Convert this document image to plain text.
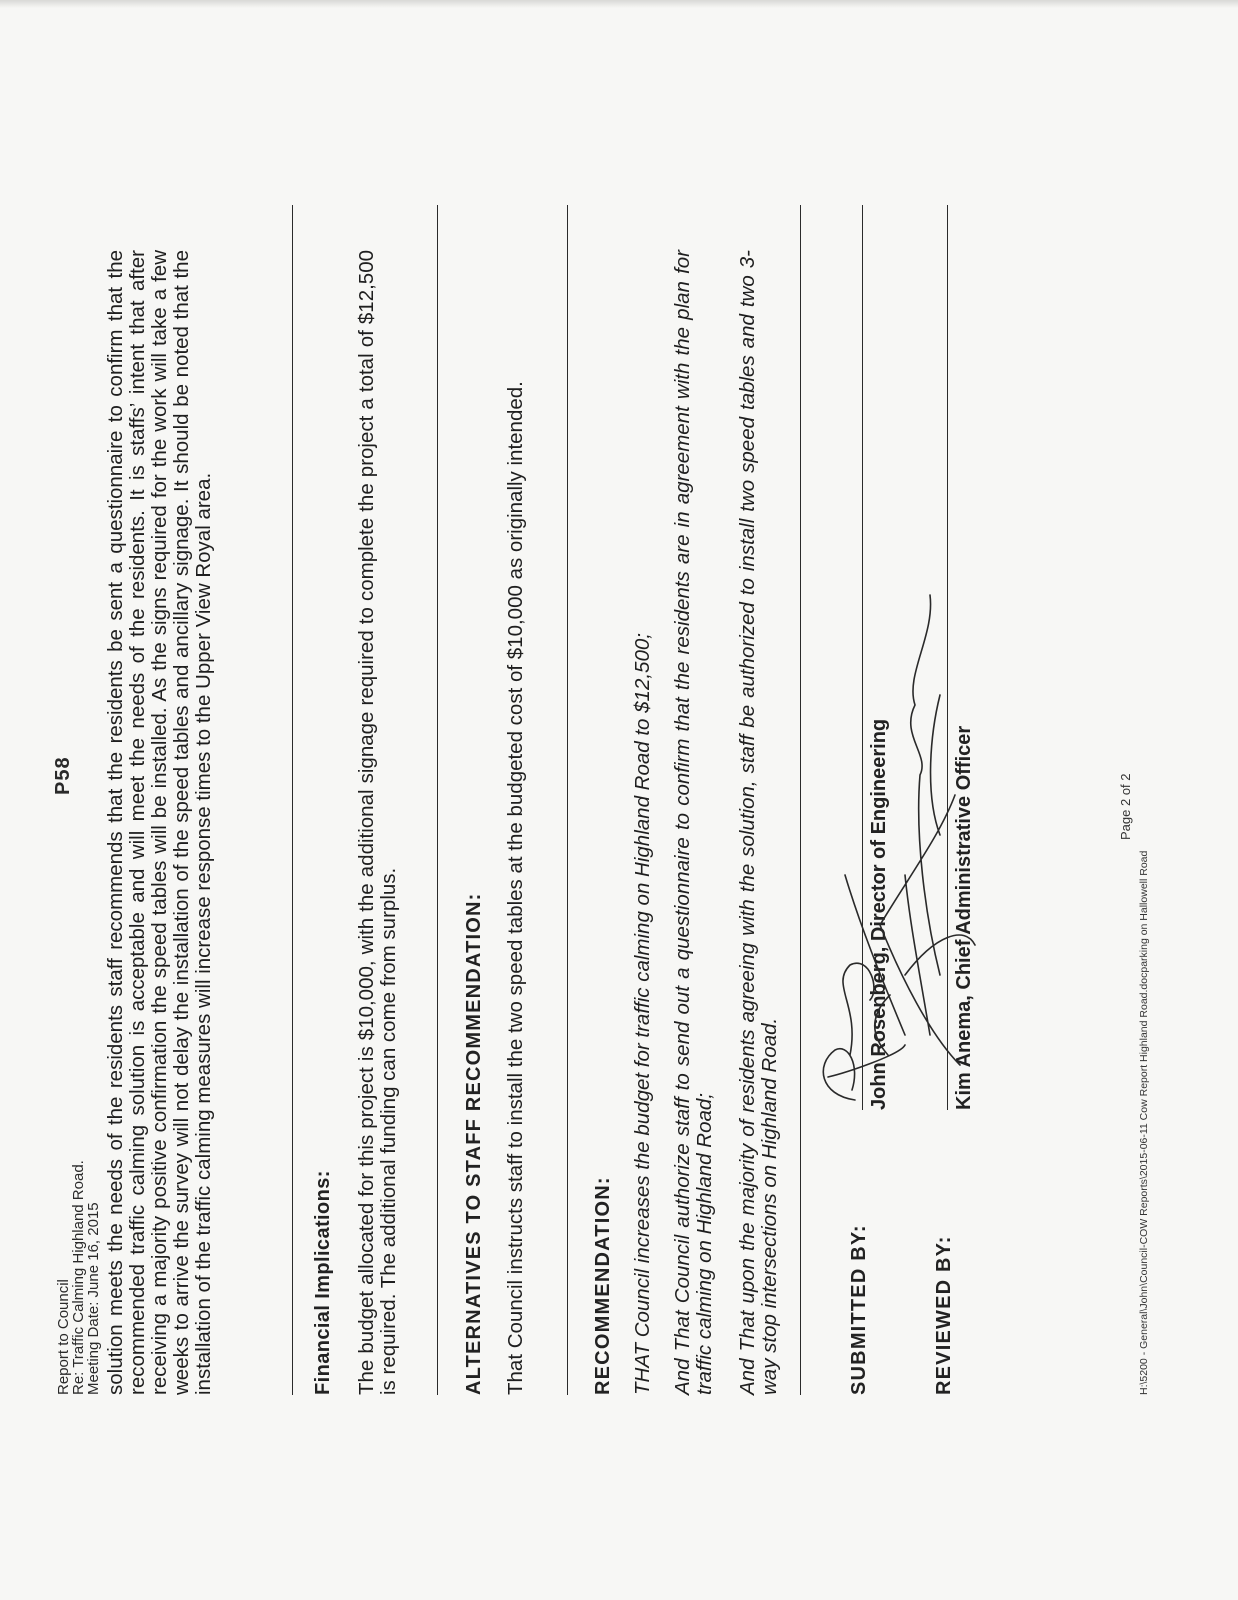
Report to Council
Re: Traffic Calming Highland Road.
Meeting Date: June 16, 2015
P58 solution meets the needs of the residents staff recommends that the residents be sent a questionnaire to confirm that the recommended traffic calming solution is acceptable and will meet the needs of the residents. It is staffs’ intent that after receiving a majority positive confirmation the speed tables will be installed. As the signs required for the work will take a few weeks to arrive the survey will not delay the installation of the speed tables and ancillary signage. It should be noted that the installation of the traffic calming measures will increase response times to the Upper View Royal area.	Financial Implications: The budget allocated for this project is $10,000, with the additional signage required to complete the project a total of $12,500 is required. The additional funding can come from surplus.	ALTERNATIVES TO STAFF RECOMMENDATION: That Council instructs staff to install the two speed tables at the budgeted cost of $10,000 as originally intended.	RECOMMENDATION: THAT Council increases the budget for traffic calming on Highland Road to $12,500; And That Council authorize staff to send out a questionnaire to confirm that the residents are in agreement with the plan for traffic calming on Highland Road; And That upon the majority of residents agreeing with the solution, staff be authorized to install two speed tables and two 3-way stop intersections on Highland Road.	SUBMITTED BY:
John Rosenberg, Director of Engineering
REVIEWED BY:
Kim Anema, Chief Administrative Officer	Page 2 of 2
H:\5200 - General\John\Council-COW Reports\2015-06-11 Cow Report Highland Road.docparking on Hallowell Road
